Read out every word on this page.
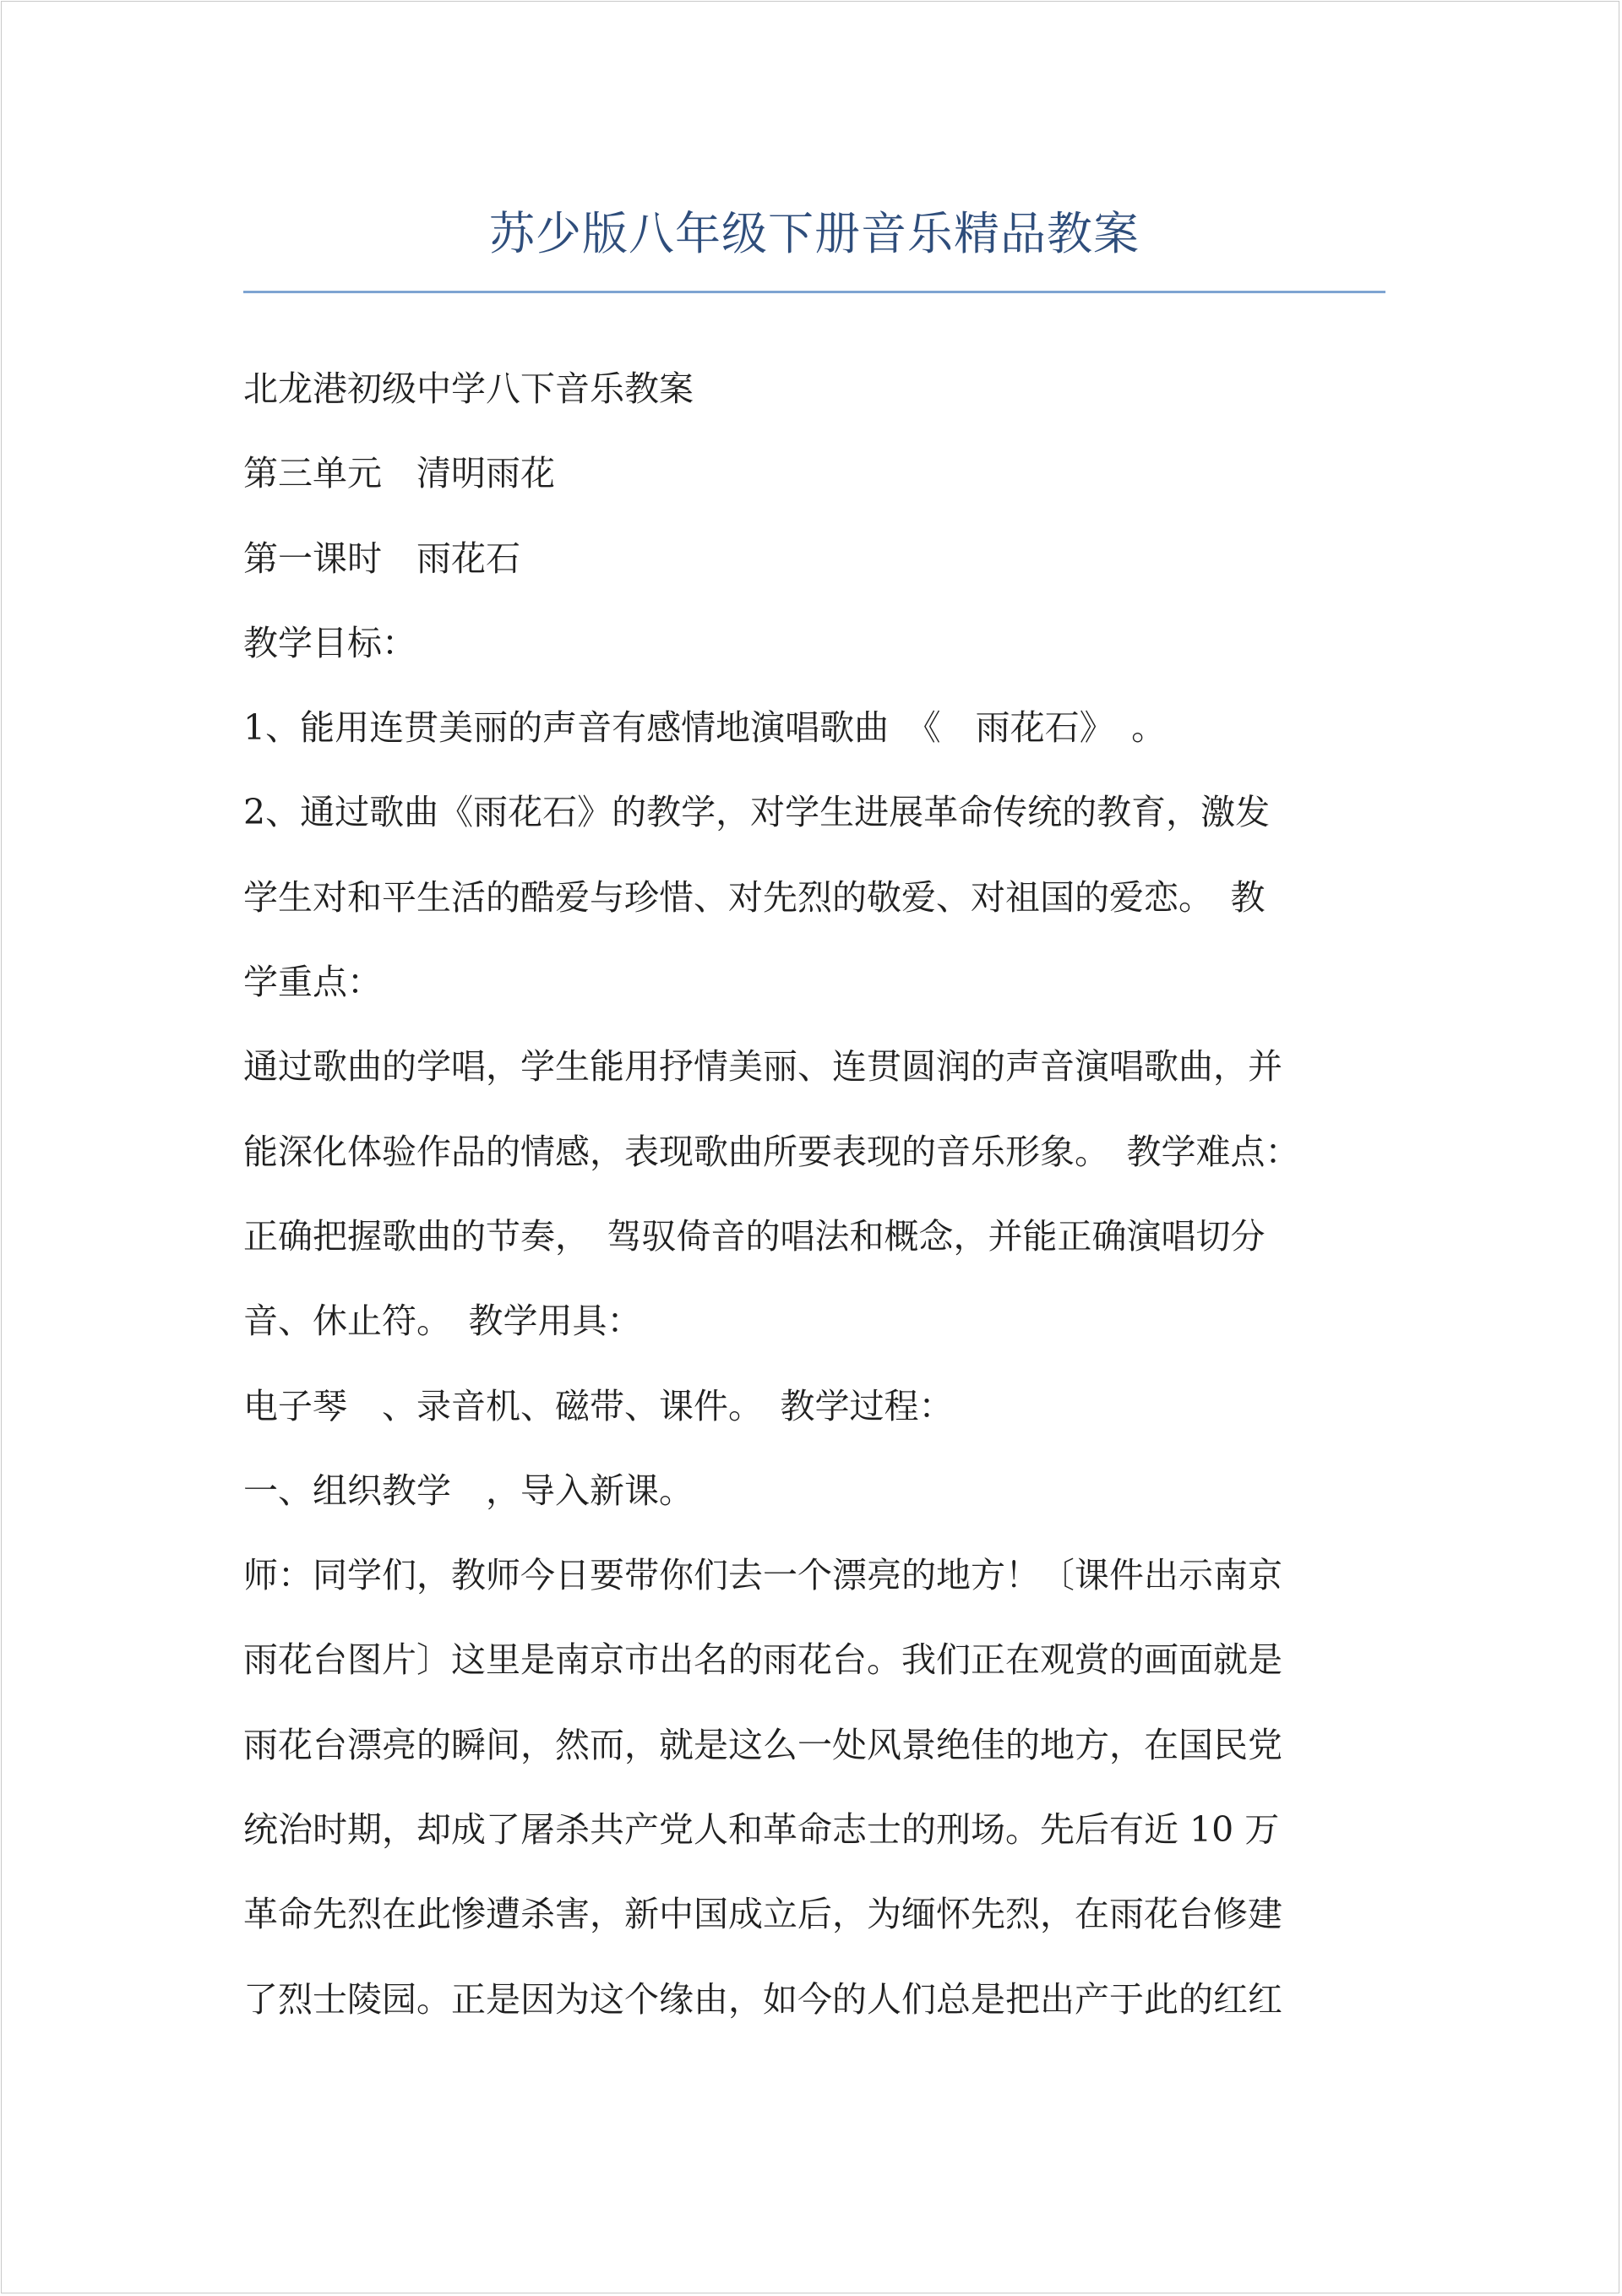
苏少版八年级下册音乐精品教案
北龙港初级中学八下音乐教案
第三单元　清明雨花
第一课时　雨花石
教学目标：
1、能用连贯美丽的声音有感情地演唱歌曲　《　雨花石》　。
2、通过歌曲《雨花石》的教学，对学生进展革命传统的教育，激发
学生对和平生活的酷爱与珍惜、对先烈的敬爱、对祖国的爱恋。　教
学重点：
通过歌曲的学唱，学生能用抒情美丽、连贯圆润的声音演唱歌曲，并
能深化体验作品的情感，表现歌曲所要表现的音乐形象。　教学难点：
正确把握歌曲的节奏，　驾驭倚音的唱法和概念，并能正确演唱切分
音、休止符。　教学用具：
电子琴　、录音机、磁带、课件。　教学过程：
一、组织教学　，导入新课。
师：同学们，教师今日要带你们去一个漂亮的地方！〔课件出示南京
雨花台图片〕这里是南京市出名的雨花台。我们正在观赏的画面就是
雨花台漂亮的瞬间，然而，就是这么一处风景绝佳的地方，在国民党
统治时期，却成了屠杀共产党人和革命志士的刑场。先后有近 10 万
革命先烈在此惨遭杀害，新中国成立后，为缅怀先烈，在雨花台修建
了烈士陵园。正是因为这个缘由，如今的人们总是把出产于此的红红
